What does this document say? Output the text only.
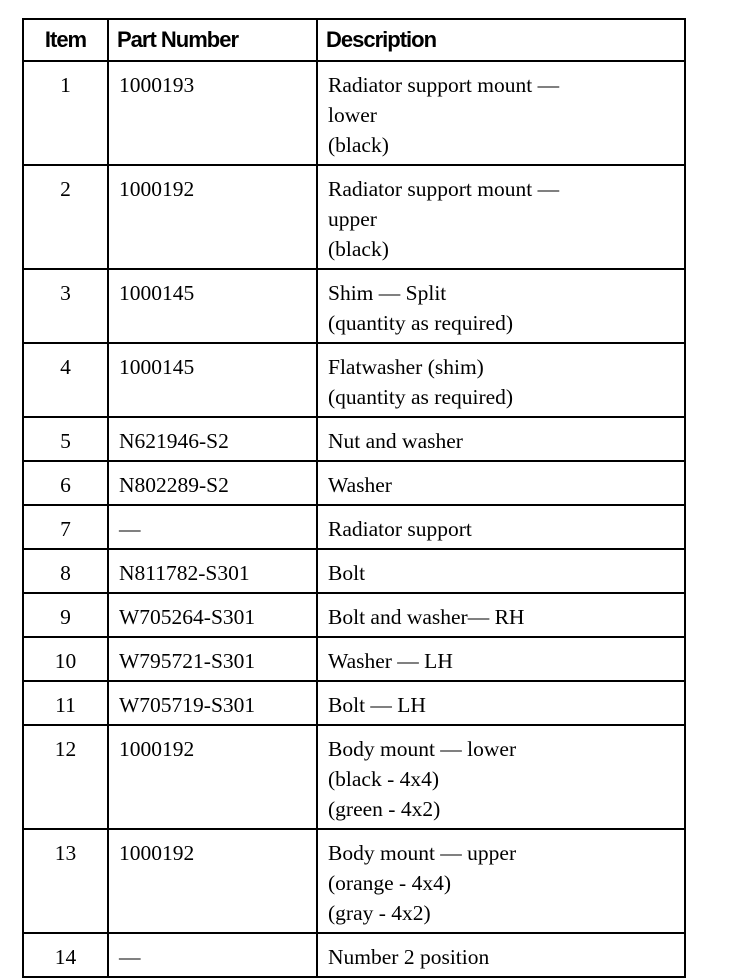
Item	Part Number	Description
1	1000193	Radiator support mount —
lower
(black)

2	1000192	Radiator support mount —
upper
(black)

3	1000145	Shim — Split
(quantity as required)

4	1000145	Flatwasher (shim)
(quantity as required)

5	N621946-S2	Nut and washer

6	N802289-S2	Washer

7	—	Radiator support

8	N811782-S301	Bolt

9	W705264-S301	Bolt and washer— RH

10	W795721-S301	Washer — LH

11	W705719-S301	Bolt — LH

12	1000192	Body mount — lower
(black - 4x4)
(green - 4x2)

13	1000192	Body mount — upper
(orange - 4x4)
(gray - 4x2)

14	—	Number 2 position
